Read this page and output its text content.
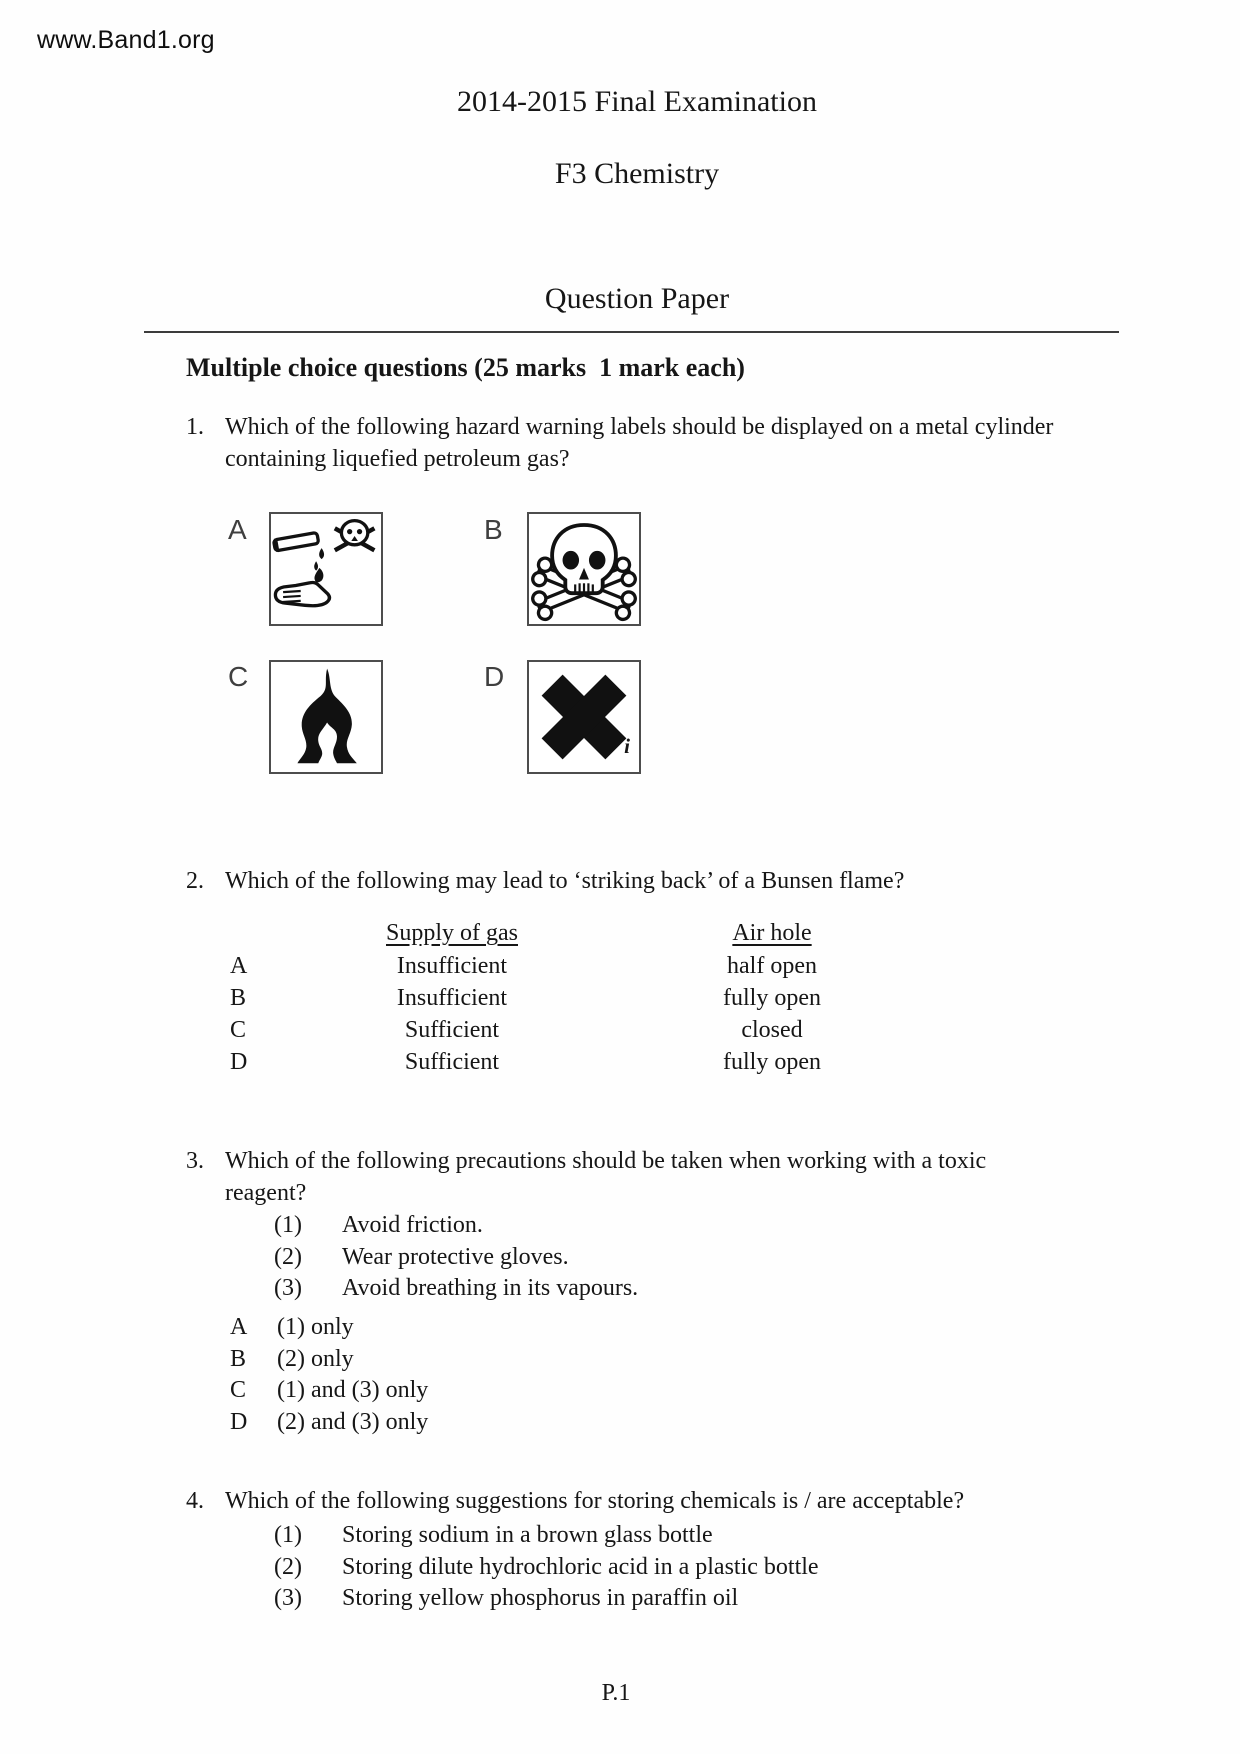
www.Band1.org
2014-2015 Final Examination
F3 Chemistry
Question Paper
Multiple choice questions (25 marks  1 mark each)
1. Which of the following hazard warning labels should be displayed on a metal cylinder containing liquefied petroleum gas?
A	B
C	D
i
2. Which of the following may lead to ‘striking back’ of a Bunsen flame?
Supply of gas	Air hole
A	Insufficient	half open
B	Insufficient	fully open
C	Sufficient	closed
D	Sufficient	fully open
3. Which of the following precautions should be taken when working with a toxic reagent?
(1) Avoid friction.
(2) Wear protective gloves.
(3) Avoid breathing in its vapours.
A (1) only
B (2) only
C (1) and (3) only
D (2) and (3) only
4. Which of the following suggestions for storing chemicals is / are acceptable?
(1) Storing sodium in a brown glass bottle
(2) Storing dilute hydrochloric acid in a plastic bottle
(3) Storing yellow phosphorus in paraffin oil
P.1
